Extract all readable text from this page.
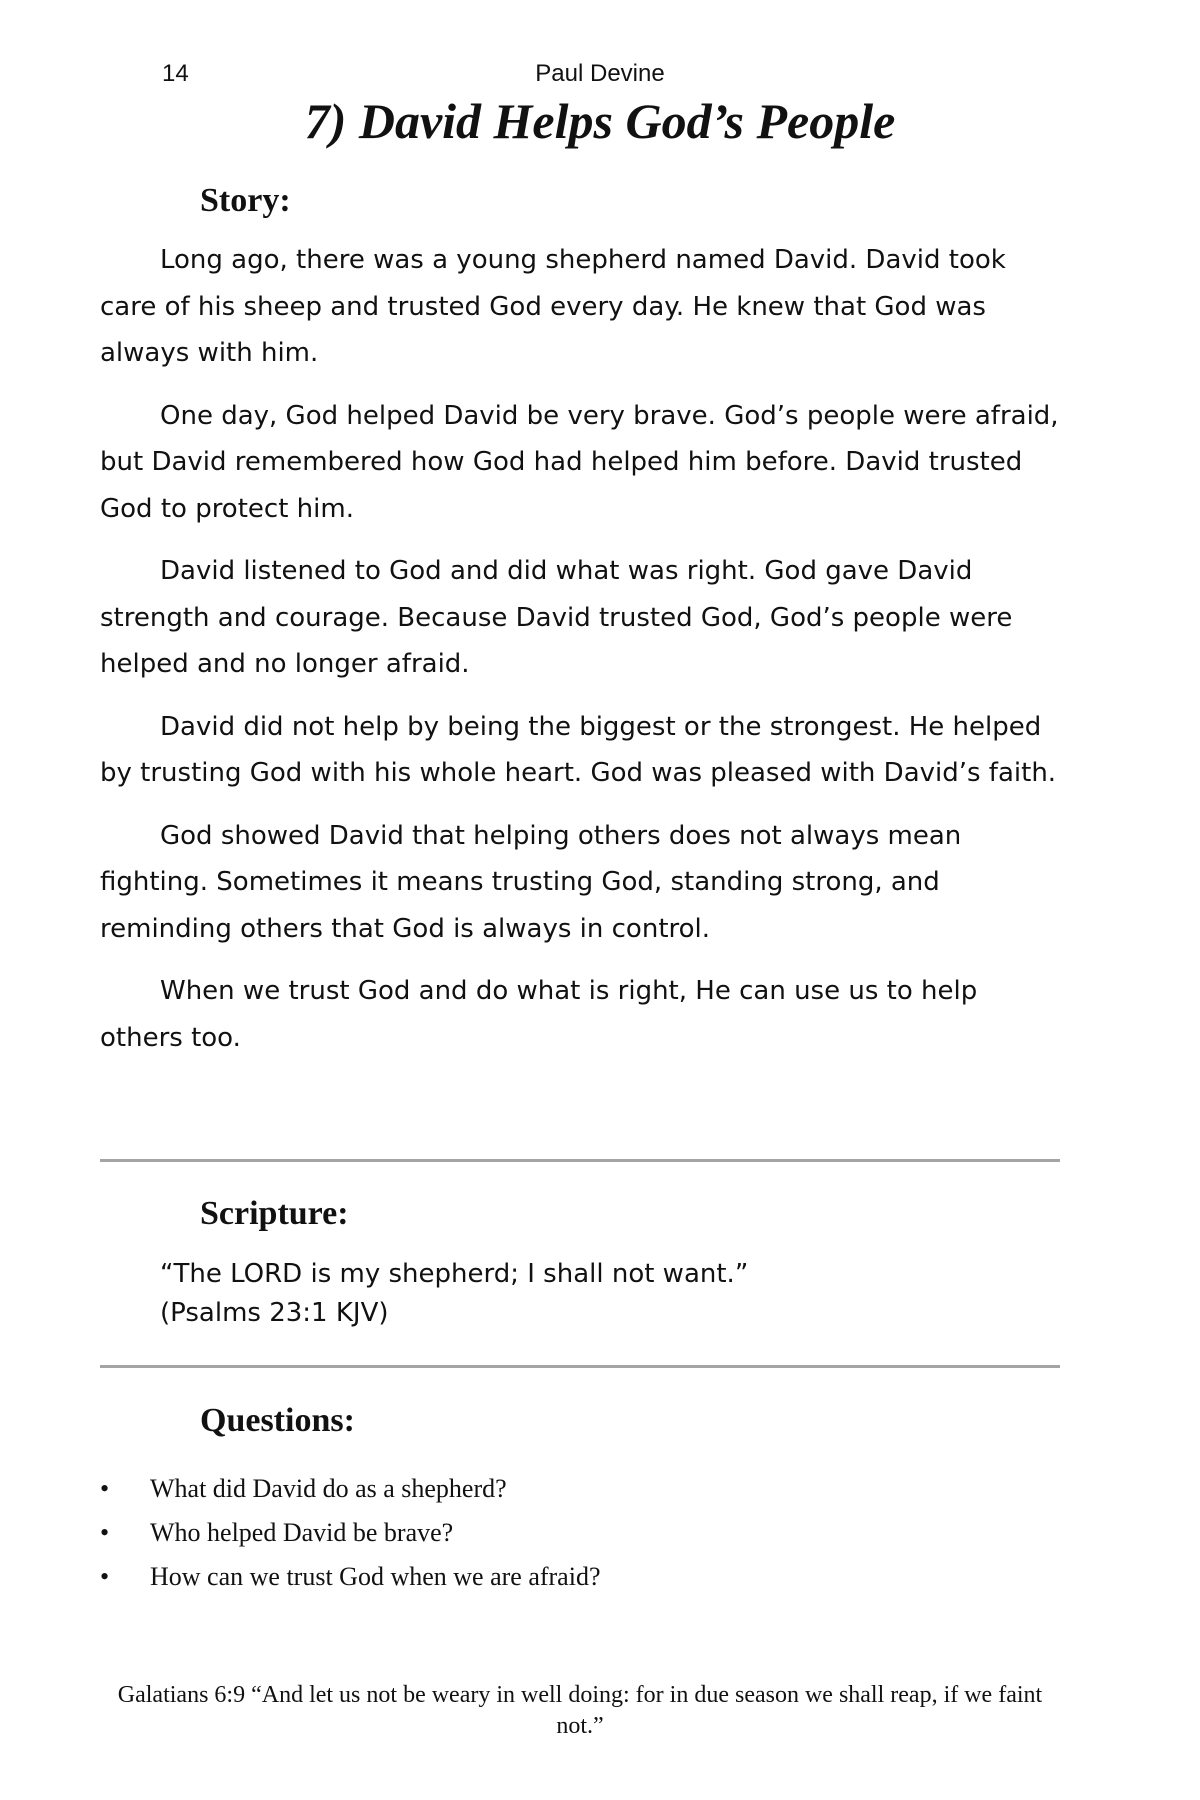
14	Paul Devine
7) David Helps God’s People
Story:

Long ago, there was a young shepherd named David. David took care of his sheep and trusted God every day. He knew that God was always with him.

One day, God helped David be very brave. God’s people were afraid, but David remembered how God had helped him before. David trusted God to protect him.

David listened to God and did what was right. God gave David strength and courage. Because David trusted God, God’s people were helped and no longer afraid.

David did not help by being the biggest or the strongest. He helped by trusting God with his whole heart. God was pleased with David’s faith.

God showed David that helping others does not always mean fighting. Sometimes it means trusting God, standing strong, and reminding others that God is always in control.

When we trust God and do what is right, He can use us to help others too.

Scripture:
“The LORD is my shepherd; I shall not want.”
(Psalms 23:1 KJV)
Questions:
•	What did David do as a shepherd?
•	Who helped David be brave?
•	How can we trust God when we are afraid?
Galatians 6:9 “And let us not be weary in well doing: for in due season we shall reap, if we faint not.”
